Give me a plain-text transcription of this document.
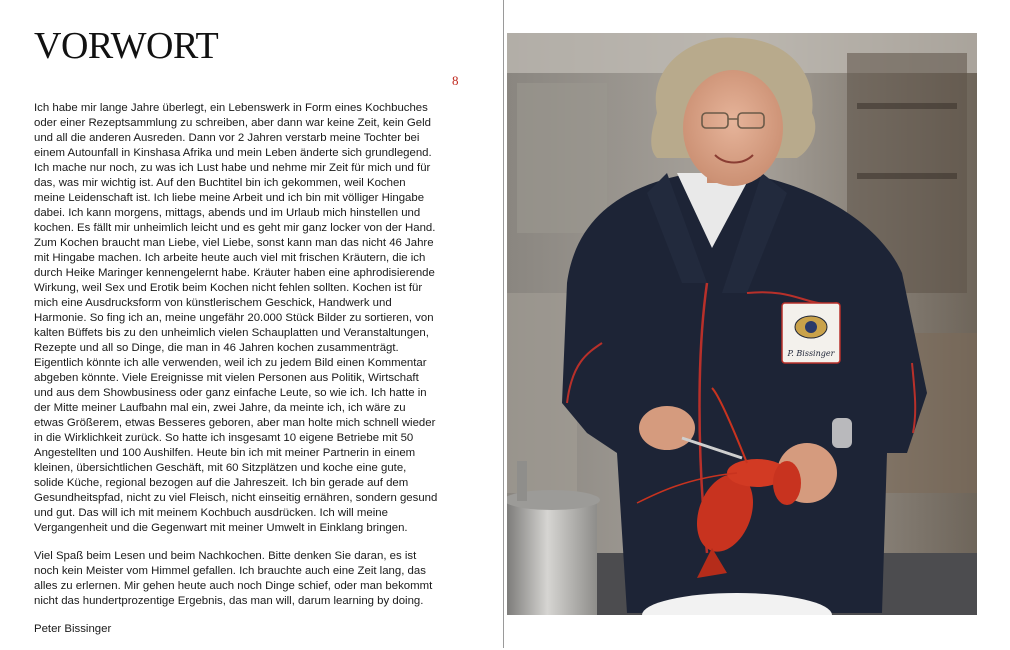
VORWORT
8

Ich habe mir lange Jahre überlegt, ein Lebenswerk in Form eines Kochbuches oder einer Rezeptsammlung zu schreiben, aber dann war keine Zeit, kein Geld und all die anderen Ausreden. Dann vor 2 Jahren verstarb meine Tochter bei einem Autounfall in Kinshasa Afrika und mein Leben änderte sich grundlegend. Ich mache nur noch, zu was ich Lust habe und nehme mir Zeit für mich und für das, was mir wichtig ist. Auf den Buchtitel bin ich gekommen, weil Kochen meine Leidenschaft ist. Ich liebe meine Arbeit und ich bin mit völliger Hingabe dabei. Ich kann morgens, mittags, abends und im Urlaub mich hinstellen und kochen. Es fällt mir unheimlich leicht und es geht mir ganz locker von der Hand. Zum Kochen braucht man Liebe, viel Liebe, sonst kann man das nicht 46 Jahre mit Hingabe machen. Ich arbeite heute auch viel mit frischen Kräutern, die ich durch Heike Maringer kennengelernt habe. Kräuter haben eine aphrodisierende Wirkung, weil Sex und Erotik beim Kochen nicht fehlen sollten. Kochen ist für mich eine Ausdrucksform von künstlerischem Geschick, Handwerk und Harmonie. So fing ich an, meine ungefähr 20.000 Stück Bilder zu sortieren, von kalten Büffets bis zu den unheimlich vielen Schauplatten und Veranstaltungen, Rezepte und all so Dinge, die man in 46 Jahren kochen zusammenträgt. Eigentlich könnte ich alle verwenden, weil ich zu jedem Bild einen Kommentar abgeben könnte. Viele Ereignisse mit vielen Personen aus Politik, Wirtschaft und aus dem Showbusiness oder ganz einfache Leute, so wie ich. Ich hatte in der Mitte meiner Laufbahn mal ein, zwei Jahre, da meinte ich, ich wäre zu etwas Größerem, etwas Besseres geboren, aber man holte mich schnell wieder in die Wirklichkeit zurück. So hatte ich insgesamt 10 eigene Betriebe mit 50 Angestellten und 100 Aushilfen. Heute bin ich mit meiner Partnerin in einem kleinen, übersichtlichen Geschäft, mit 60 Sitzplätzen und koche eine gute, solide Küche, regional bezogen auf die Jahreszeit. Ich bin gerade auf dem Gesundheitspfad, nicht zu viel Fleisch, nicht einseitig ernähren, sondern gesund und gut. Das will ich mit meinem Kochbuch ausdrücken. Ich will meine Vergangenheit und die Gegenwart mit meiner Umwelt in Einklang bringen.

Viel Spaß beim Lesen und beim Nachkochen. Bitte denken Sie daran, es ist noch kein Meister vom Himmel gefallen. Ich brauchte auch eine Zeit lang, das alles zu erlernen. Mir gehen heute auch noch Dinge schief, oder man bekommt nicht das hundertprozentige Ergebnis, das man will, darum learning by doing.

Peter Bissinger

P. Bissinger
